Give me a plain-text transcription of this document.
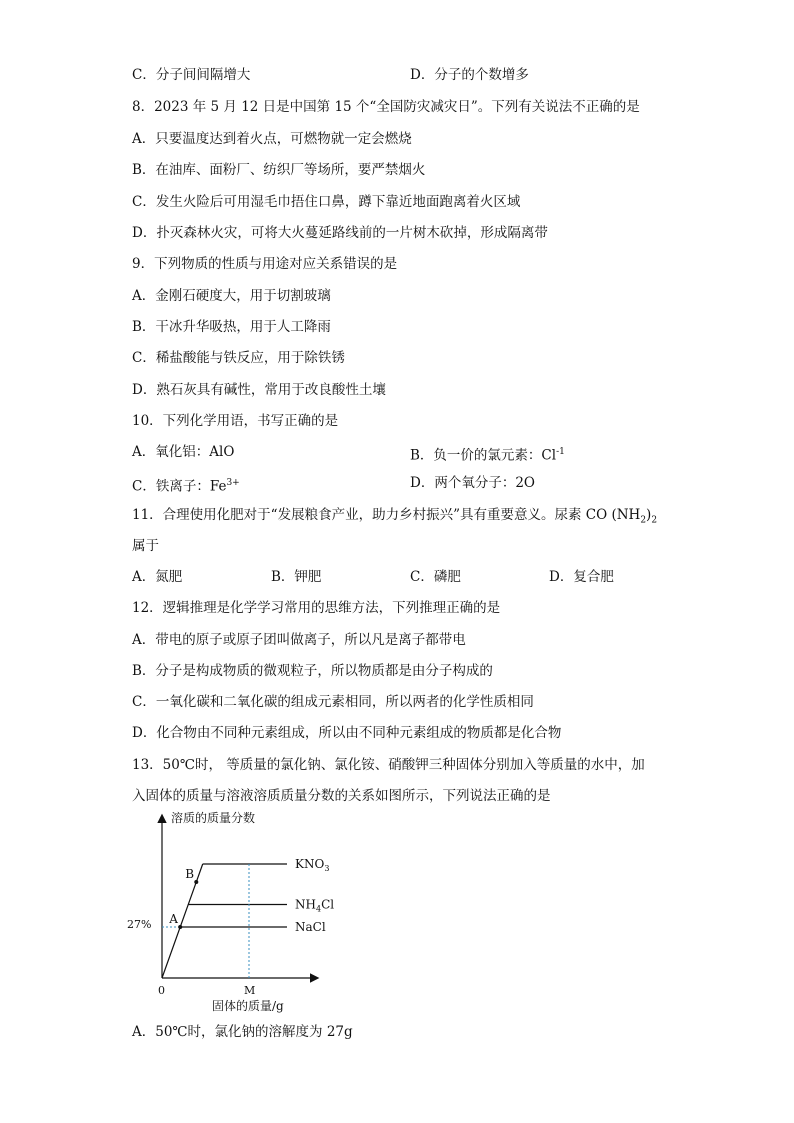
C．分子间间隔增大	D．分子的个数增多
8．2023 年 5 月 12 日是中国第 15 个“全国防灾减灾日”。下列有关说法不正确的是
A．只要温度达到着火点，可燃物就一定会燃烧
B．在油库、面粉厂、纺织厂等场所，要严禁烟火
C．发生火险后可用湿毛巾捂住口鼻，蹲下靠近地面跑离着火区域
D．扑灭森林火灾，可将大火蔓延路线前的一片树木砍掉，形成隔离带
9．下列物质的性质与用途对应关系错误的是
A．金刚石硬度大，用于切割玻璃
B．干冰升华吸热，用于人工降雨
C．稀盐酸能与铁反应，用于除铁锈
D．熟石灰具有碱性，常用于改良酸性土壤
10．下列化学用语，书写正确的是
A．氧化铝：AlO	B．负一价的氯元素：$Cl^{-1}$
C．铁离子：$Fe^{3+}$	D．两个氧分子：2O
11．合理使用化肥对于“发展粮食产业，助力乡村振兴”具有重要意义。尿素 CO $(NH_2)_2$
属于
A．氮肥	B．钾肥	C．磷肥	D．复合肥
12．逻辑推理是化学学习常用的思维方法，下列推理正确的是
A．带电的原子或原子团叫做离子，所以凡是离子都带电
B．分子是构成物质的微观粒子，所以物质都是由分子构成的
C．一氧化碳和二氧化碳的组成元素相同，所以两者的化学性质相同
D．化合物由不同种元素组成，所以由不同种元素组成的物质都是化合物
13．50℃时， 等质量的氯化钠、氯化铵、硝酸钾三种固体分别加入等质量的水中，加
入固体的质量与溶液溶质质量分数的关系如图所示，下列说法正确的是
溶质的质量分数
固体的质量/g
0	M
27%
$KNO_3$
$NH_4Cl$
NaCl
A
B
A．50℃时，氯化钠的溶解度为 27g
